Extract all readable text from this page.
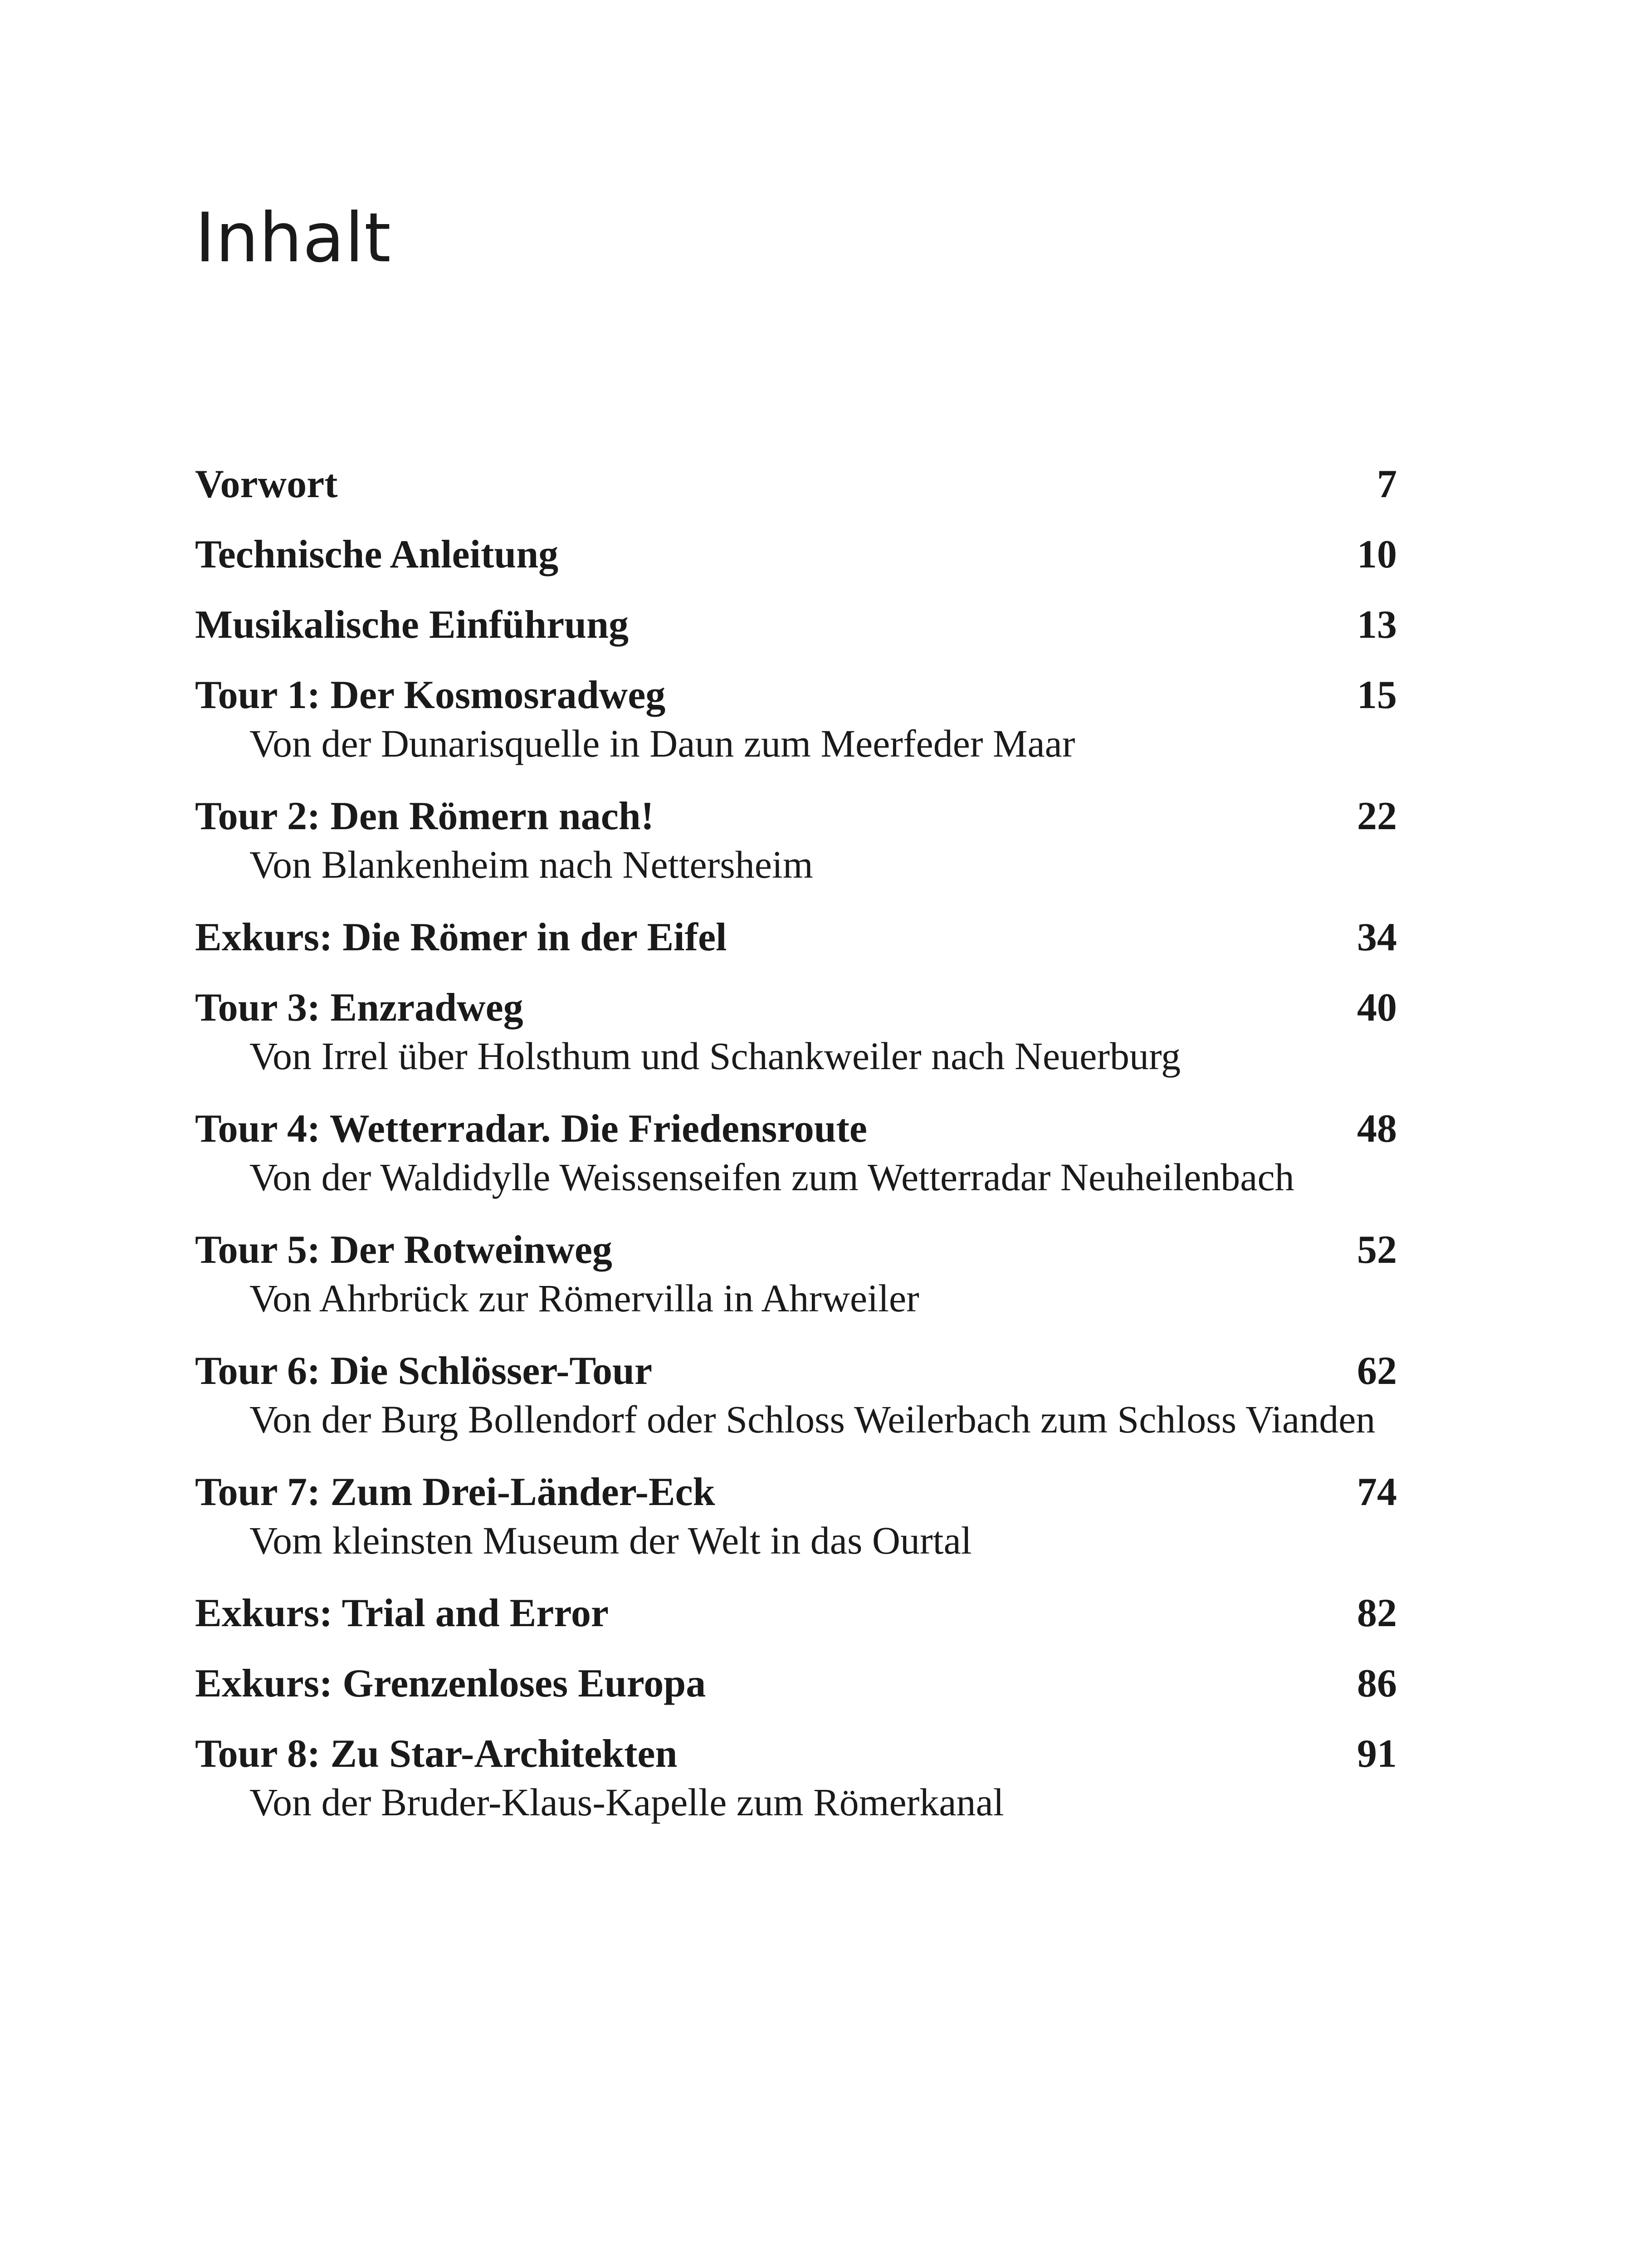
Inhalt
Vorwort	7
Technische Anleitung	10
Musikalische Einführung	13
Tour 1: Der Kosmosradweg	15
Von der Dunarisquelle in Daun zum Meerfeder Maar
Tour 2: Den Römern nach!	22
Von Blankenheim nach Nettersheim
Exkurs: Die Römer in der Eifel	34
Tour 3: Enzradweg	40
Von Irrel über Holsthum und Schankweiler nach Neuerburg
Tour 4: Wetterradar. Die Friedensroute	48
Von der Waldidylle Weissenseifen zum Wetterradar Neuheilenbach
Tour 5: Der Rotweinweg	52
Von Ahrbrück zur Römervilla in Ahrweiler
Tour 6: Die Schlösser-Tour	62
Von der Burg Bollendorf oder Schloss Weilerbach zum Schloss Vianden
Tour 7: Zum Drei-Länder-Eck	74
Vom kleinsten Museum der Welt in das Ourtal
Exkurs: Trial and Error	82
Exkurs: Grenzenloses Europa	86
Tour 8: Zu Star-Architekten	91
Von der Bruder-Klaus-Kapelle zum Römerkanal
